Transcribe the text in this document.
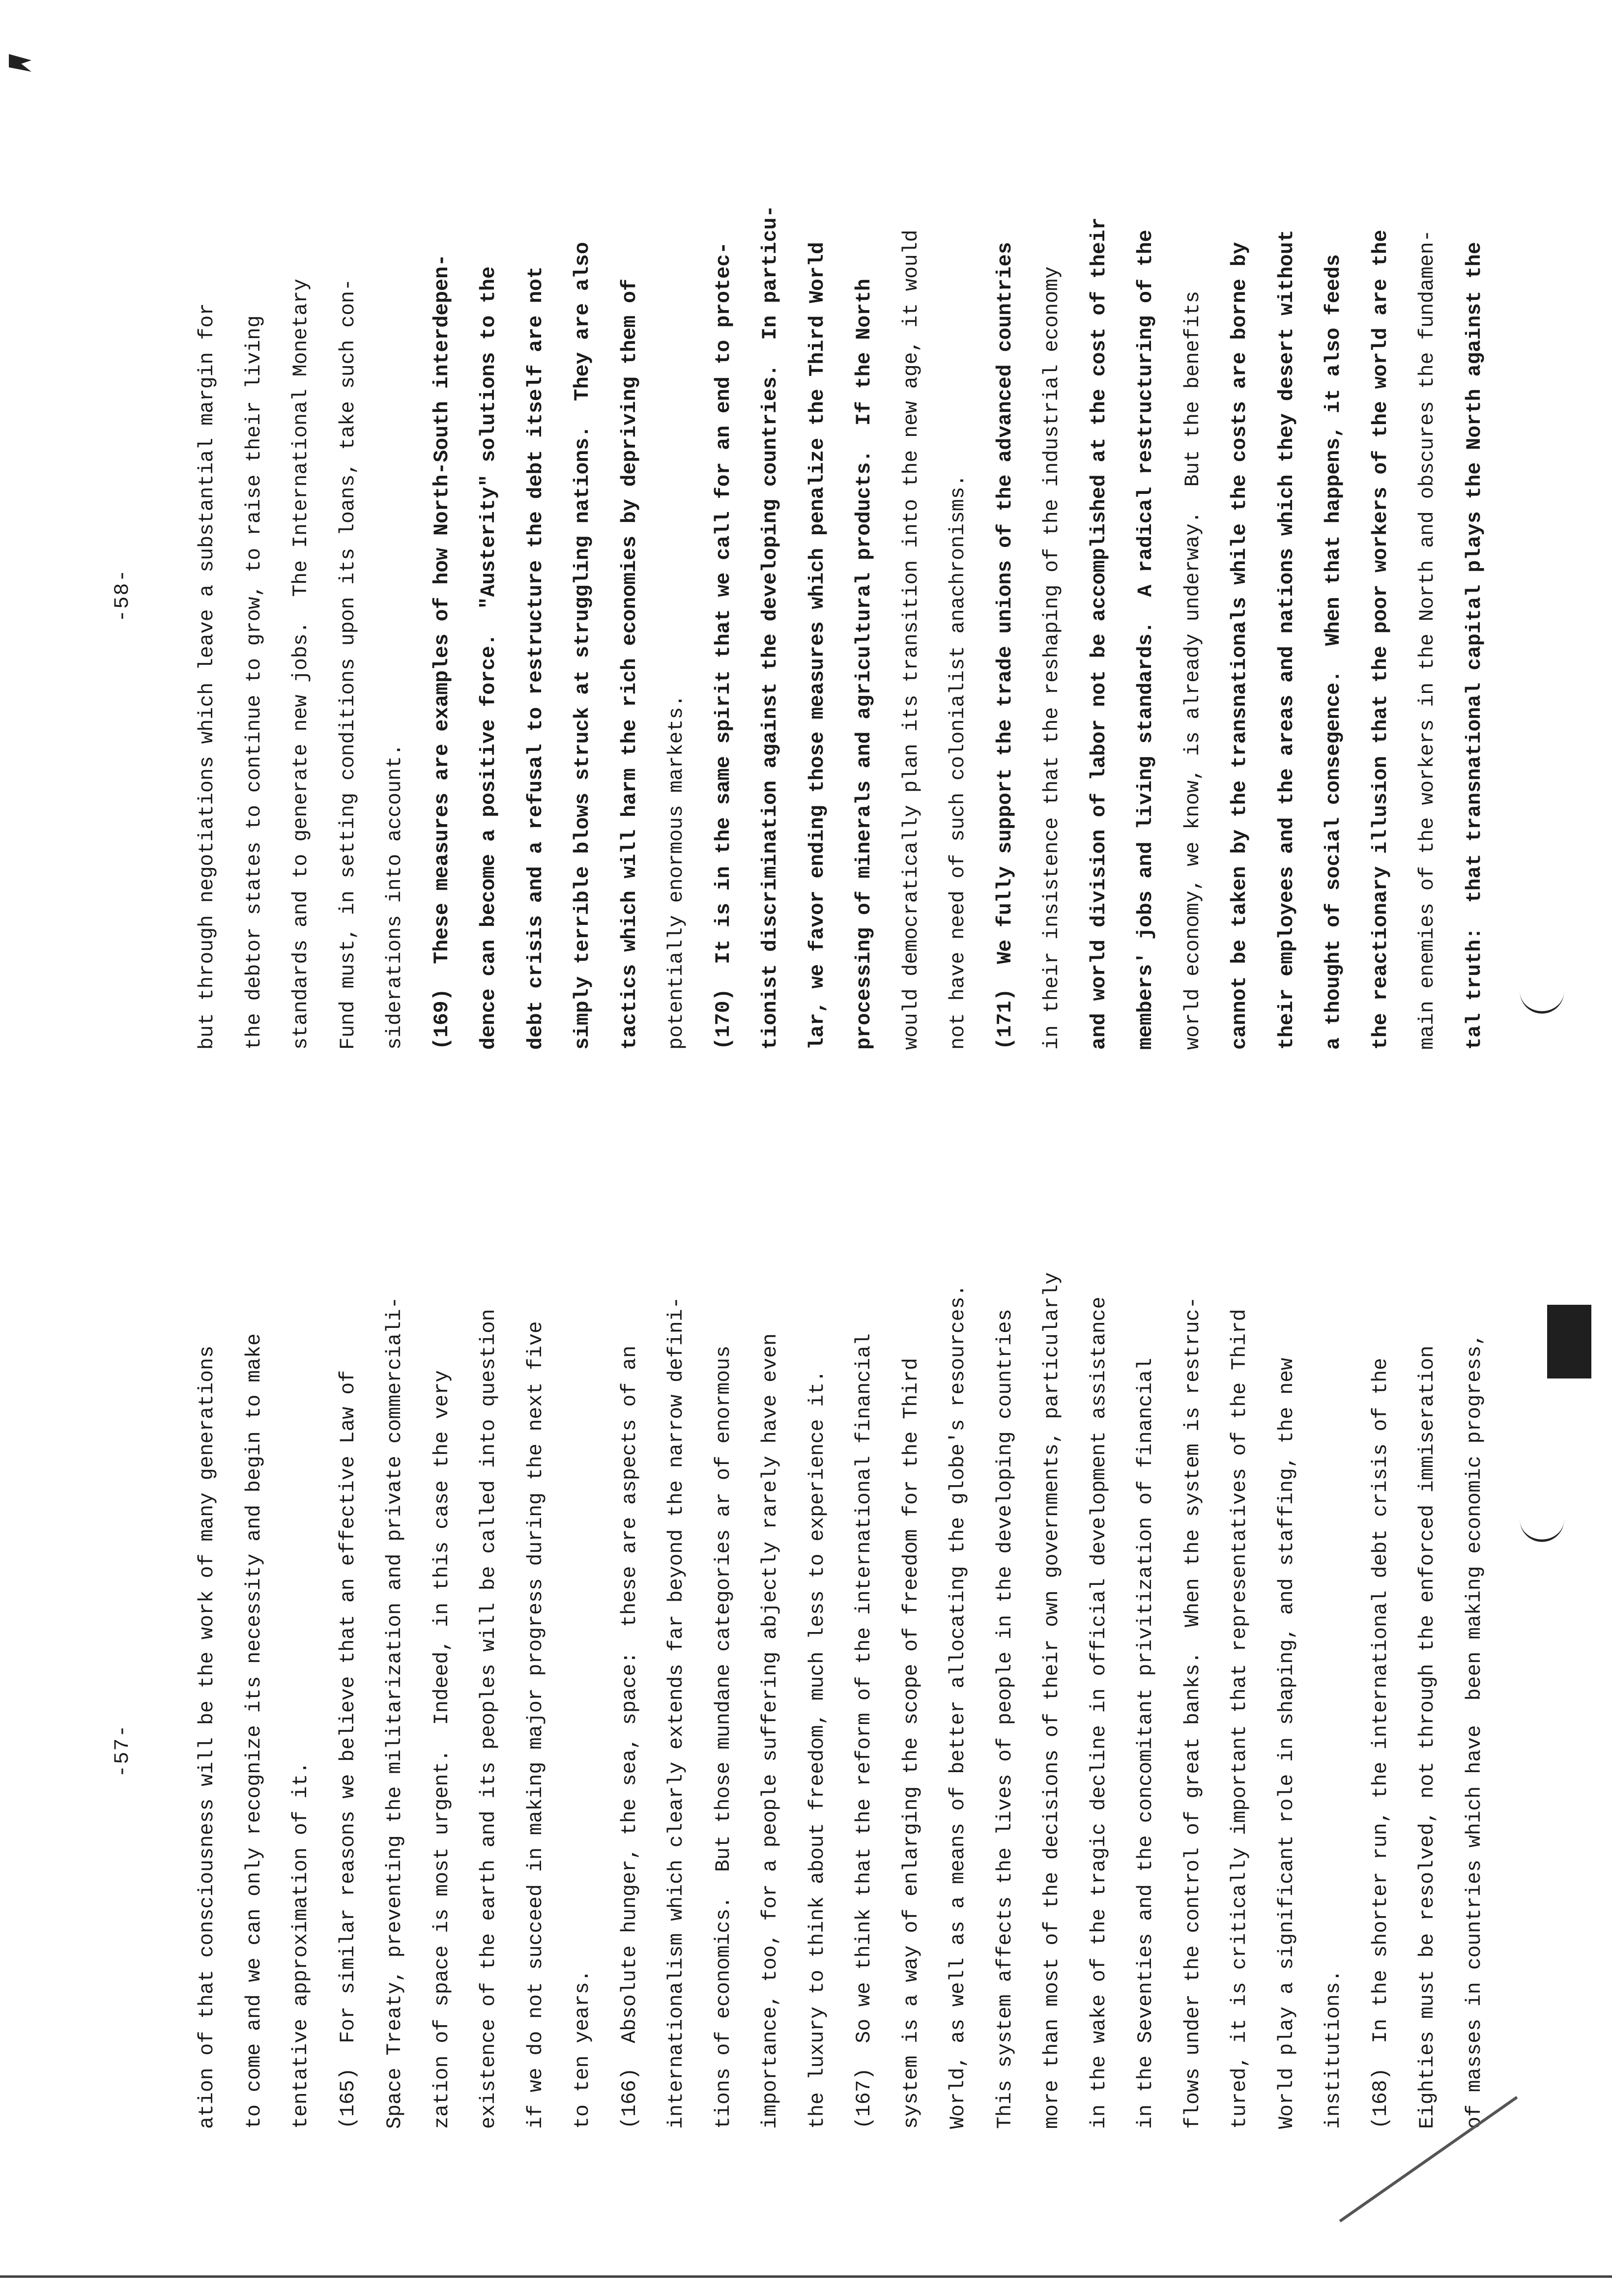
-57-	ation of that consciousness will be the work of many generations	to come and we can only recognize its necessity and begin to make	tentative approximation of it.	(165)  For similar reasons we believe that an effective Law of	Space Treaty, preventing the militarization and private commerciali-	zation of space is most urgent.  Indeed, in this case the very	existence of the earth and its peoples will be called into question	if we do not succeed in making major progress during the next five	to ten years.	(166)  Absolute hunger, the sea, space:  these are aspects of an	internationalism which clearly extends far beyond the narrow defini-	tions of economics.  But those mundane categories ar of enormous	importance, too, for a people suffering abjectly rarely have even	the luxury to think about freedom, much less to experience it.	(167)  So we think that the reform of the international financial	system is a way of enlarging the scope of freedom for the Third	World, as well as a means of better allocating the globe's resources.	This system affects the lives of people in the developing countries	more than most of the decisions of their own governments, particularly	in the wake of the tragic decline in official development assistance	in the Seventies and the concomitant privitization of financial	flows under the control of great banks.  When the system is restruc-	tured, it is critically important that representatives of the Third	World play a significant role in shaping, and staffing, the new	institutions.	(168)  In the shorter run, the international debt crisis of the	Eighties must be resolved, not through the enforced immiseration	of masses in countries which have  been making economic progress,
-58-	but through negotiations which leave a substantial margin for	the debtor states to continue to grow, to raise their living	standards and to generate new jobs.  The International Monetary	Fund must, in setting conditions upon its loans, take such con-	siderations into account.	(169)  These measures are examples of how North-South interdepen-	dence can become a positive force.  "Austerity" solutions to the	debt crisis and a refusal to restructure the debt itself are not	simply terrible blows struck at struggling nations.  They are also	tactics which will harm the rich economies by depriving them of	potentially enormous markets.	(170)  It is in the same spirit that we call for an end to protec-	tionist discrimination against the developing countries.  In particu-	lar, we favor ending those measures which penalize the Third World	processing of minerals and agricultural products.  If the North	would democratically plan its transition into the new age, it would	not have need of such colonialist anachronisms.	(171)  We fully support the trade unions of the advanced countries	in their insistence that the reshaping of the industrial economy	and world division of labor not be accomplished at the cost of their	members' jobs and living standards.  A radical restructuring of the	world economy, we know, is already underway.  But the benefits	cannot be taken by the transnationals while the costs are borne by	their employees and the areas and nations which they desert without	a thought of social consegence.  When that happens, it also feeds	the reactionary illusion that the poor workers of the world are the	main enemies of the workers in the North and obscures the fundamen-	tal truth:  that transnational capital plays the North against the
